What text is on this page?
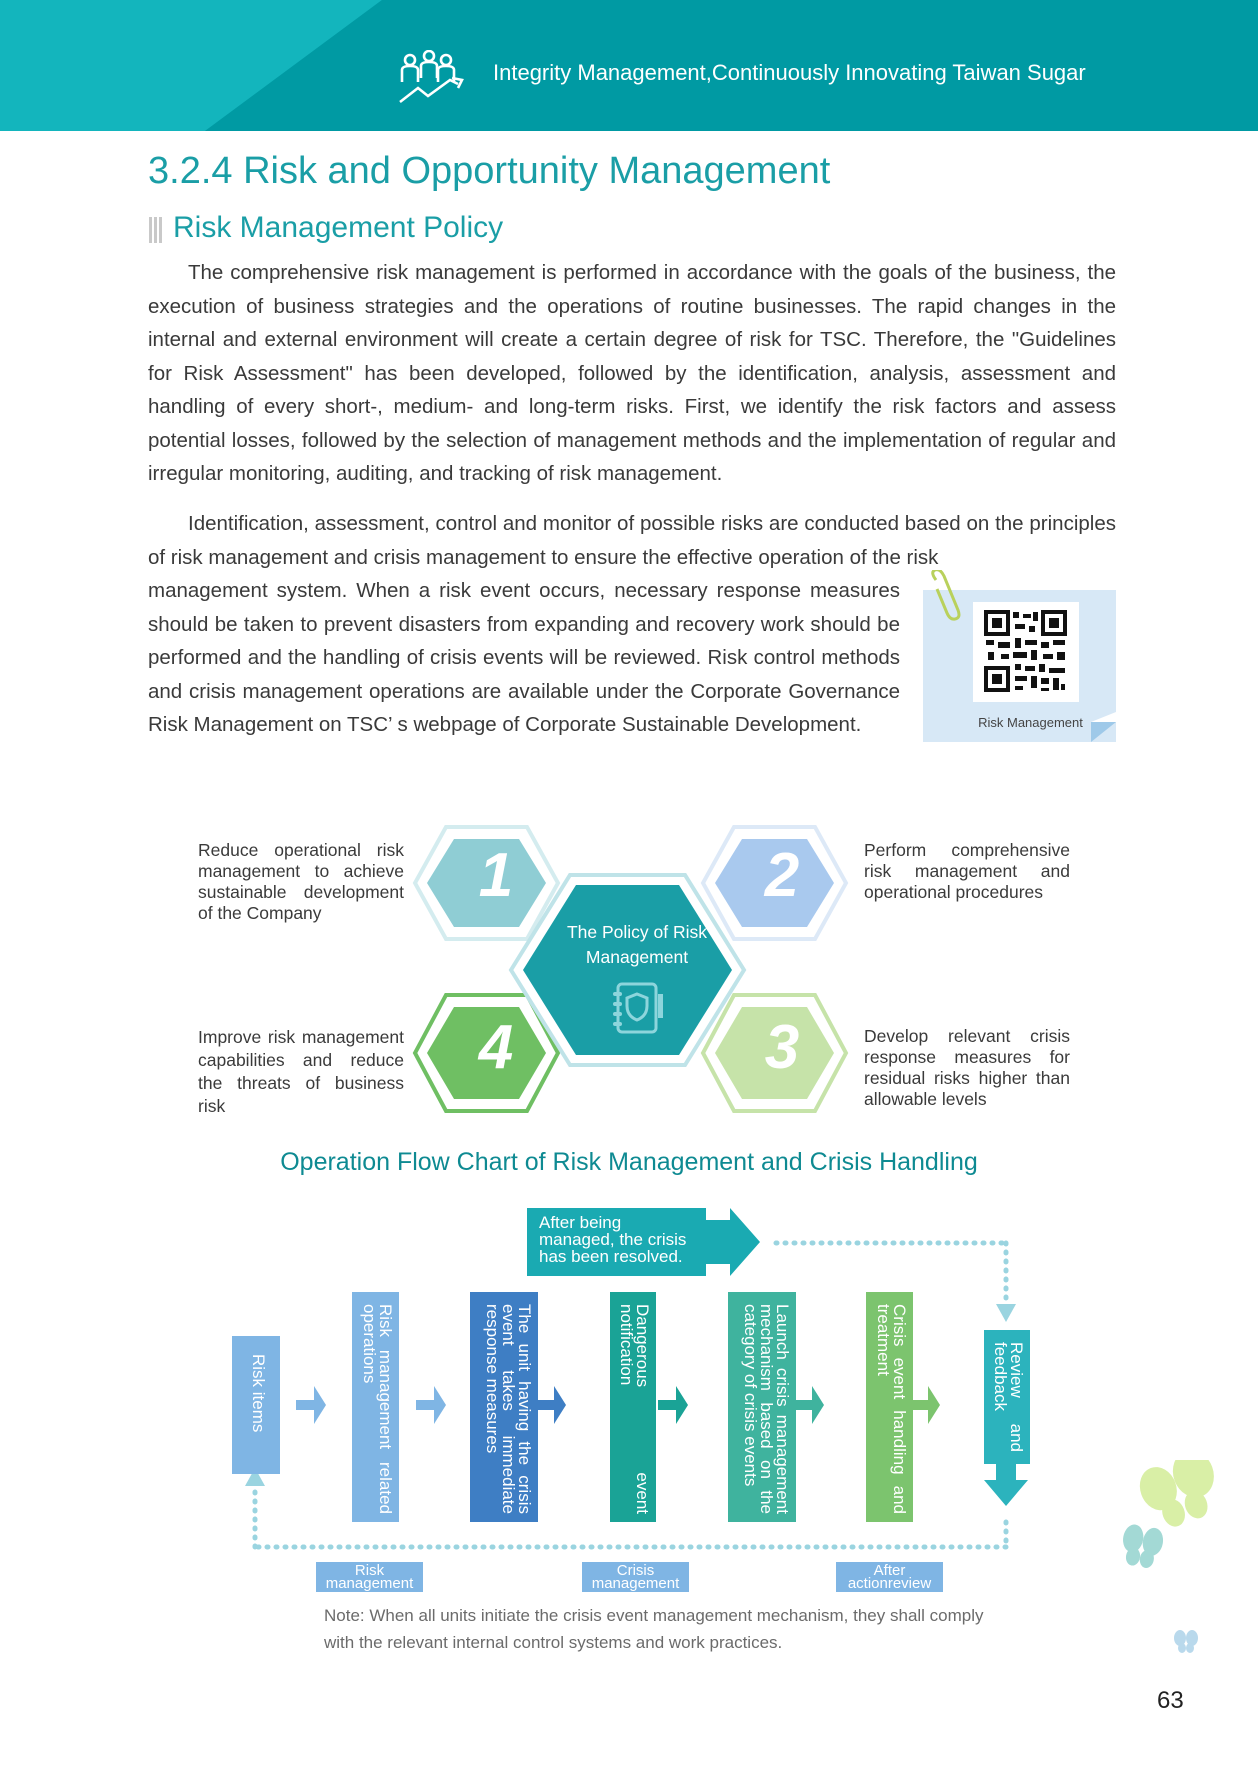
Integrity Management,Continuously Innovating Taiwan Sugar
3.2.4 Risk and Opportunity Management
Risk Management Policy
The comprehensive risk management is performed in accordance with the goals of the business, the execution of business strategies and the operations of routine businesses. The rapid changes in the internal and external environment will create a certain degree of risk for TSC. Therefore, the "Guidelines for Risk Assessment" has been developed, followed by the identification, analysis, assessment and handling of every short-, medium- and long-term risks. First, we identify the risk factors and assess potential losses, followed by the selection of management methods and the implementation of regular and irregular monitoring, auditing, and tracking of risk management.
Identification, assessment, control and monitor of possible risks are conducted based on the principles of risk management and crisis management to ensure the effective operation of the risk
management system. When a risk event occurs, necessary response measures should be taken to prevent disasters from expanding and recovery work should be performed and the handling of crisis events will be reviewed. Risk control methods and crisis management operations are available under the Corporate Governance Risk Management on TSC’ s webpage of Corporate Sustainable Development.	Risk Management
1	2
3
4
The Policy of Risk Management
Reduce operational risk management to achieve sustainable development of the Company
Perform comprehensive risk management and operational procedures
Develop relevant crisis response measures for residual risks higher than allowable levels
Improve risk management capabilities and reduce the threats of business risk
Operation Flow Chart of Risk Management and Crisis Handling
After being managed, the crisis has been resolved.
Risk items	Risk management related operations	The unit having the crisis event takes immediate response measures	Dangerous event notification	Launch crisis management mechanism based on the category of crisis events	Crisis event handling and treatment
Review and feedback
Risk management
Crisis management
After actionreview
Note: When all units initiate the crisis event management mechanism, they shall comply with the relevant internal control systems and work practices.
63
